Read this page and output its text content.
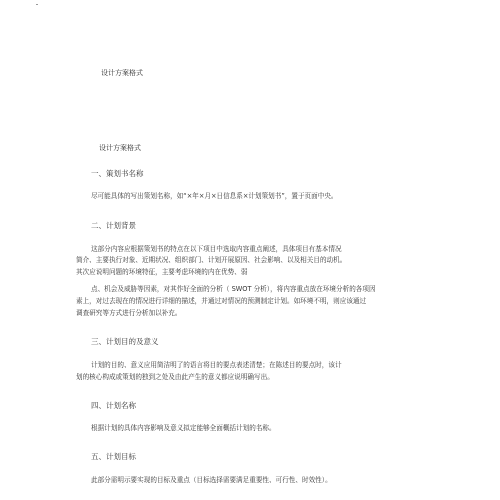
设计方案格式
设计方案格式
一、策划书名称
尽可能具体的写出策划名称，如“×年×月×日信息系×计划策划书”，置于页面中央。
二、计划背景
这部分内容应根据策划书的特点在以下项目中选取内容重点阐述，具体项目有基本情况
简介、主要执行对象、近期状况、组织部门、计划开展原因、社会影响、以及相关目的动机。
其次应说明问题的环境特征，主要考虑环境的内在优势、弱
点、机会及威胁等因素，对其作好全面的分析（ SWOT 分析），将内容重点放在环境分析的各项因
素上，对过去现在的情况进行详细的描述，并通过对情况的预测制定计划。如环境不明，则应该通过
调查研究等方式进行分析加以补充。
三、计划目的及意义
计划的目的、意义应用简洁明了的语言将目的要点表述清楚；在陈述目的要点时，该计
划的核心构成或策划的独到之处及由此产生的意义都应说明确写出。
四、计划名称
根据计划的具体内容影响及意义拟定能够全面概括计划的名称。
五、计划目标
此部分需明示要实现的目标及重点（目标选择需要满足重要性、可行性、时效性）。
